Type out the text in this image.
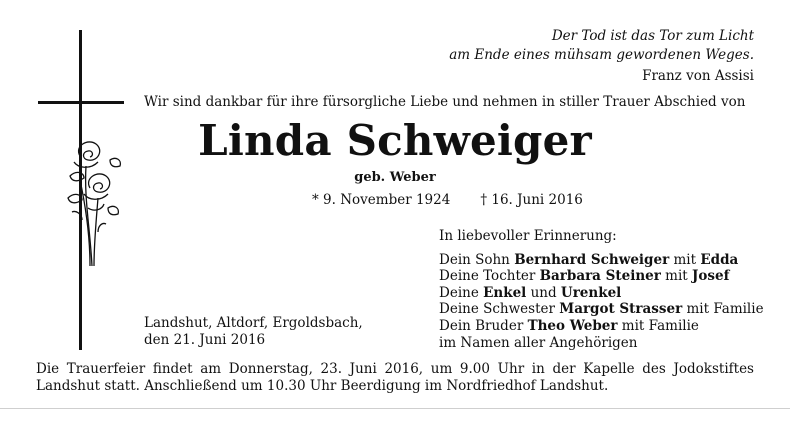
Der Tod ist das Tor zum Licht
am Ende eines mühsam gewordenen Weges.
Franz von Assisi
Wir sind dankbar für ihre fürsorgliche Liebe und nehmen in stiller Trauer Abschied von
Linda Schweiger
geb. Weber
* 9. November 1924 † 16. Juni 2016
In liebevoller Erinnerung:
Dein Sohn Bernhard Schweiger mit Edda
Deine Tochter Barbara Steiner mit Josef
Deine Enkel und Urenkel
Deine Schwester Margot Strasser mit Familie
Dein Bruder Theo Weber mit Familie
im Namen aller Angehörigen
Landshut, Altdorf, Ergoldsbach,
den 21. Juni 2016
Die Trauerfeier findet am Donnerstag, 23. Juni 2016, um 9.00 Uhr in der Kapelle des Jodokstiftes
Landshut statt. Anschließend um 10.30 Uhr Beerdigung im Nordfriedhof Landshut.
